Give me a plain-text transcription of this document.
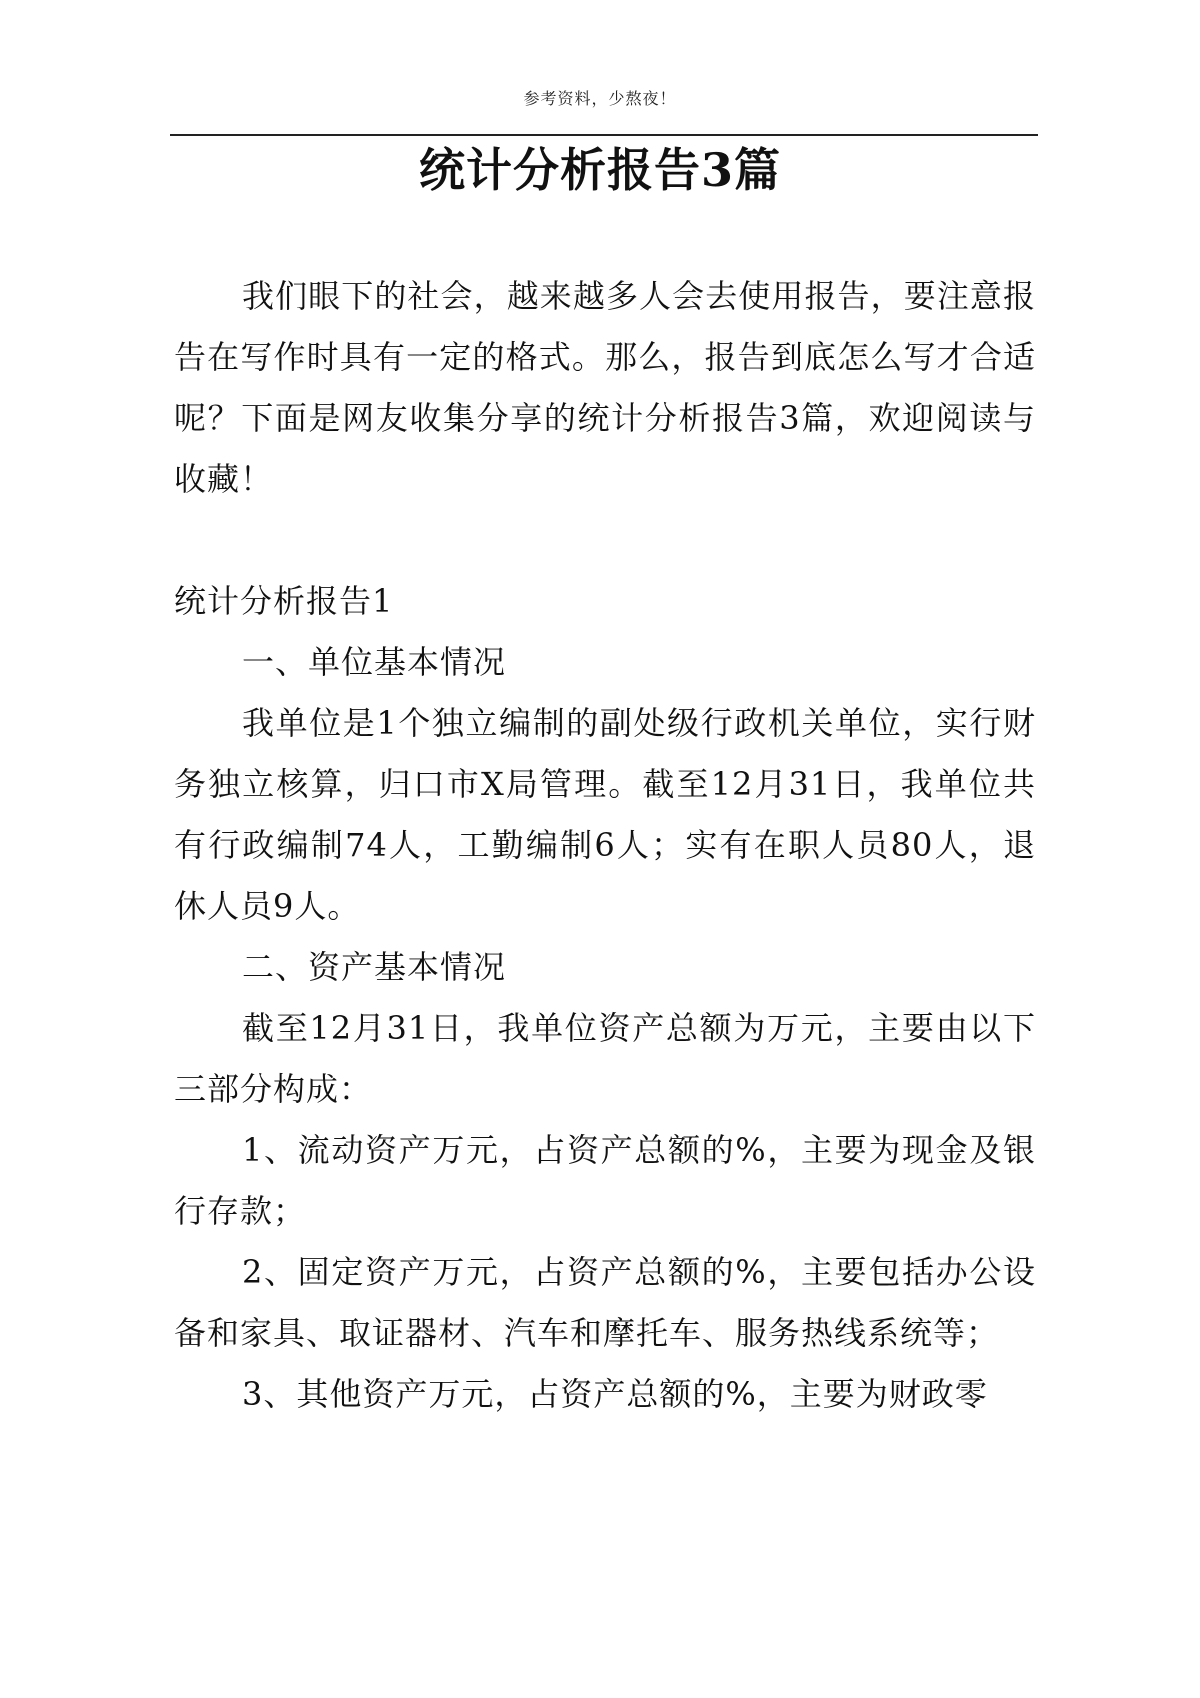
参考资料，少熬夜！
统计分析报告3篇

我们眼下的社会，越来越多人会去使用报告，要注意报告在写作时具有一定的格式。那么，报告到底怎么写才合适呢？下面是网友收集分享的统计分析报告3篇，欢迎阅读与收藏！

统计分析报告1

一、单位基本情况

我单位是1个独立编制的副处级行政机关单位，实行财务独立核算，归口市X局管理。截至12月31日，我单位共有行政编制74人，工勤编制6人；实有在职人员80人，退休人员9人。

二、资产基本情况

截至12月31日，我单位资产总额为万元，主要由以下三部分构成：

1、流动资产万元，占资产总额的%，主要为现金及银行存款；

2、固定资产万元，占资产总额的%，主要包括办公设备和家具、取证器材、汽车和摩托车、服务热线系统等；

3、其他资产万元，占资产总额的%，主要为财政零
